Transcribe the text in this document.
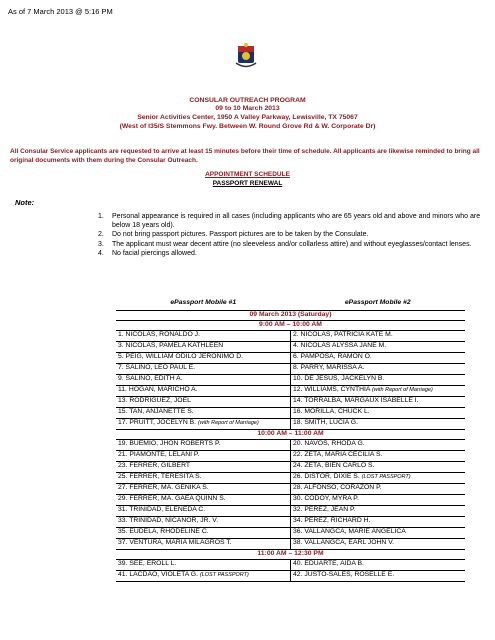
As of 7 March 2013 @ 5:16 PM
CONSULAR OUTREACH PROGRAM
09 to 10 March 2013
Senior Activities Center, 1950 A Valley Parkway, Lewisville, TX 75067
(West of I35/S Stemmons Fwy. Between W. Round Grove Rd & W. Corporate Dr)
All Consular Service applicants are requested to arrive at least 15 minutes before their time of schedule. All applicants are likewise reminded to bring all original documents with them during the Consular Outreach.
APPOINTMENT SCHEDULE
PASSPORT RENEWAL
Note:
1. Personal appearance is required in all cases (including applicants who are 65 years old and above and minors who are below 18 years old).
2. Do not bring passport pictures. Passport pictures are to be taken by the Consulate.
3. The applicant must wear decent attire (no sleeveless and/or collarless attire) and without eyeglasses/contact lenses.
4. No facial piercings allowed.
ePassport Mobile #1	ePassport Mobile #2
09 March 2013 (Saturday)	
9:00 AM – 10:00 AM	
1. NICOLAS, RONALDO J.	2. NICOLAS, PATRICIA KATE M.
3. NICOLAS, PAMELA KATHLEEN	4. NICOLAS ALYSSA JANE M.
5. PEIG, WILLIAM ODILO JERONIMO D.	6. PAMPOSA, RAMON O.
7. SALINO, LEO PAUL E.	8. PARRY, MARISSA A.
9. SALINO, EDITH A.	10. DE JESUS, JACKELYN B.
11. HOGAN, MARICHO A.	12. WILLIAMS, CYNTHIA (with Report of Marriage)
13. RODRIGUEZ, JOEL	14. TORRALBA, MARGAUX ISABELLE I.
15. TAN, ANJANETTE S.	16. MORILLA, CHUCK L.
17. PRUITT, JOCELYN B. (with Report of Marriage)	18. SMITH, LUCIA G.
10:00 AM – 11:00 AM	
19. BUEMIO, JHON ROBERTS P.	20. NAVOS, RHODA G.
21. PIAMONTE, LELANI P.	22. ZETA, MARIA CECILIA S.
23. FERRER, GILBERT	24. ZETA, BIEN CARLO S.
25. FERRER, TERESITA S.	26. DISTOR, DIXIE S. (LOST PASSPORT)
27. FERRER, MA. GENIKA S.	28. ALFONSO, CORAZON P.
29. FERRER, MA. GAEA QUINN S.	30. CODOY, MYRA P.
31. TRINIDAD, ELENEDA C.	32. PEREZ, JEAN P.
33. TRINIDAD, NICANOR, JR. V.	34. PEREZ, RICHARD H.
35. EUDELA, RHODELINE C.	36. VALLANGCA, MARIE ANGELICA
37. VENTURA, MARIA MILAGROS T.	38. VALLANGCA, EARL JOHN V.
11:00 AM – 12:30 PM	
39. SEE, EROLL L.	40. EDUARTE, AIDA B.
41. LACDAO, VIOLETA G. (LOST PASSPORT)	42. JUSTO-SALES, ROSELLE E.
